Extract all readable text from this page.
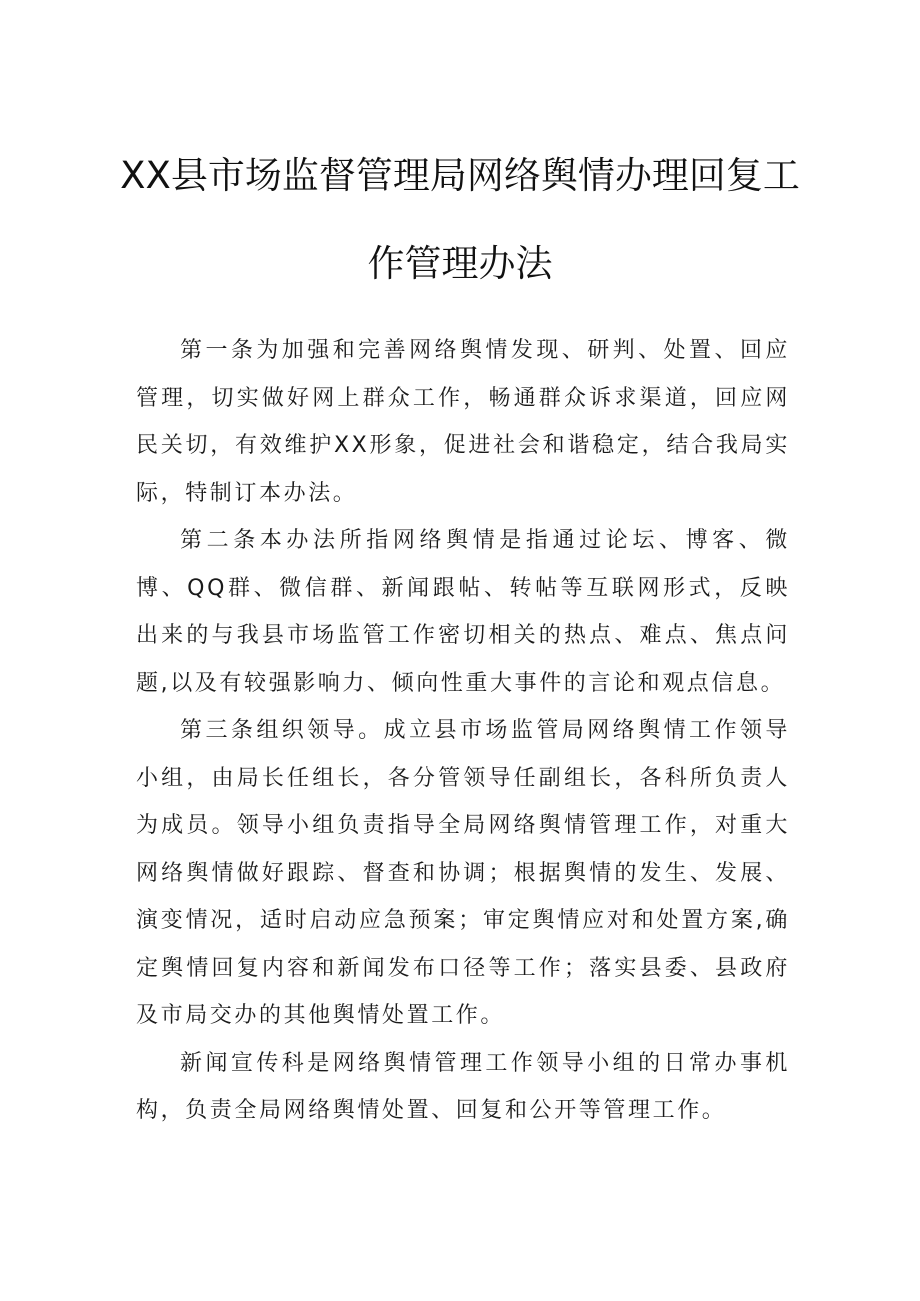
XX县市场监督管理局网络舆情办理回复工
作管理办法

第一条为加强和完善网络舆情发现、研判、处置、回应管理，切实做好网上群众工作，畅通群众诉求渠道，回应网民关切，有效维护XX形象，促进社会和谐稳定，结合我局实际，特制订本办法。

第二条本办法所指网络舆情是指通过论坛、博客、微博、QQ群、微信群、新闻跟帖、转帖等互联网形式，反映出来的与我县市场监管工作密切相关的热点、难点、焦点问题,以及有较强影响力、倾向性重大事件的言论和观点信息。

第三条组织领导。成立县市场监管局网络舆情工作领导小组，由局长任组长，各分管领导任副组长，各科所负责人为成员。领导小组负责指导全局网络舆情管理工作，对重大网络舆情做好跟踪、督查和协调；根据舆情的发生、发展、演变情况，适时启动应急预案；审定舆情应对和处置方案,确定舆情回复内容和新闻发布口径等工作；落实县委、县政府及市局交办的其他舆情处置工作。

新闻宣传科是网络舆情管理工作领导小组的日常办事机构，负责全局网络舆情处置、回复和公开等管理工作。
